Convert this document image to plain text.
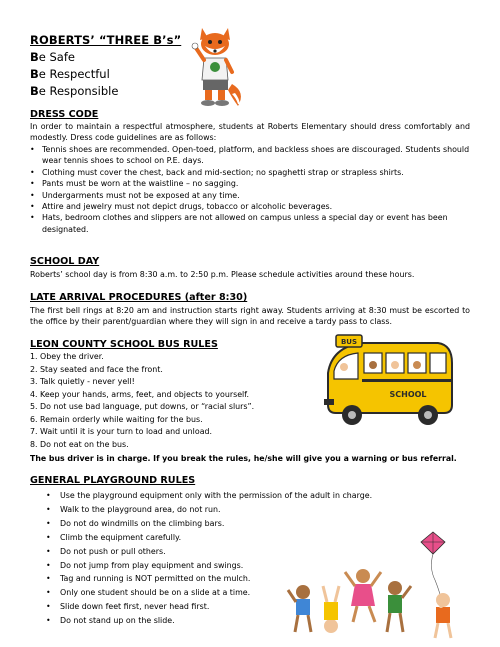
ROBERTS’ “THREE B’s”
Be Safe
Be Respectful
Be Responsible
DRESS CODE
In order to maintain a respectful atmosphere, students at Roberts Elementary should dress comfortably and modestly. Dress code guidelines are as follows:
• Tennis shoes are recommended. Open-toed, platform, and backless shoes are discouraged. Students should wear tennis shoes to school on P.E. days.
• Clothing must cover the chest, back and mid-section; no spaghetti strap or strapless shirts.
• Pants must be worn at the waistline – no sagging.
• Undergarments must not be exposed at any time.
• Attire and jewelry must not depict drugs, tobacco or alcoholic beverages.
• Hats, bedroom clothes and slippers are not allowed on campus unless a special day or event has been designated.
SCHOOL DAY
Roberts’ school day is from 8:30 a.m. to 2:50 p.m. Please schedule activities around these hours.
LATE ARRIVAL PROCEDURES (after 8:30)
The first bell rings at 8:20 am and instruction starts right away. Students arriving at 8:30 must be escorted to the office by their parent/guardian where they will sign in and receive a tardy pass to class.
LEON COUNTY SCHOOL BUS RULES
1. Obey the driver.
2. Stay seated and face the front.
3. Talk quietly - never yell!
4. Keep your hands, arms, feet, and objects to yourself.
5. Do not use bad language, put downs, or “racial slurs”.
6. Remain orderly while waiting for the bus.
7. Wait until it is your turn to load and unload.
8. Do not eat on the bus.
The bus driver is in charge. If you break the rules, he/she will give you a warning or bus referral.
BUS
SCHOOL
GENERAL PLAYGROUND RULES
•	Use the playground equipment only with the permission of the adult in charge.
•	Walk to the playground area, do not run.
•	Do not do windmills on the climbing bars.
•	Climb the equipment carefully.
•	Do not push or pull others.
•	Do not jump from play equipment and swings.
•	Tag and running is NOT permitted on the mulch.
•	Only one student should be on a slide at a time.
•	Slide down feet first, never head first.
•	Do not stand up on the slide.
